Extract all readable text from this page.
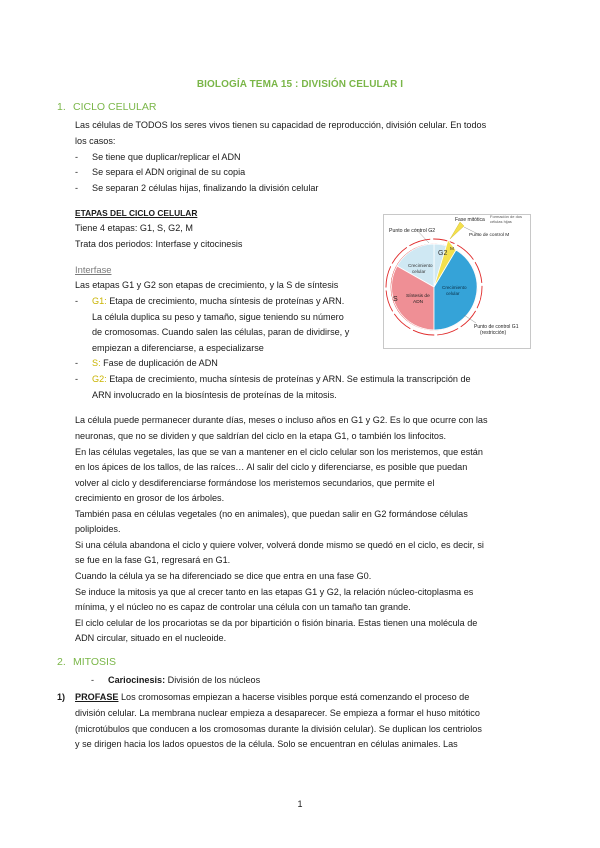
BIOLOGÍA TEMA 15 : DIVISIÓN CELULAR I
1. CICLO CELULAR
Las células de TODOS los seres vivos tienen su capacidad de reproducción, división celular. En todos
los casos:
- Se tiene que duplicar/replicar el ADN
- Se separa el ADN original de su copia
- Se separan 2 células hijas, finalizando la división celular
ETAPAS DEL CICLO CELULAR
Tiene 4 etapas: G1, S, G2, M
Trata dos periodos: Interfase y citocinesis
Interfase
Las etapas G1 y G2 son etapas de crecimiento, y la S de síntesis
- G1: Etapa de crecimiento, mucha síntesis de proteínas y ARN.
La célula duplica su peso y tamaño, sigue teniendo su número
de cromosomas. Cuando salen las células, paran de dividirse, y
empiezan a diferenciarse, a especializarse
- S: Fase de duplicación de ADN
- G2: Etapa de crecimiento, mucha síntesis de proteínas y ARN. Se estimula la transcripción de
ARN involucrado en la biosíntesis de proteínas de la mitosis.
La célula puede permanecer durante días, meses o incluso años en G1 y G2. Es lo que ocurre con las
neuronas, que no se dividen y que saldrían del ciclo en la etapa G1, o también los linfocitos.
En las células vegetales, las que se van a mantener en el ciclo celular son los meristemos, que están
en los ápices de los tallos, de las raíces… Al salir del ciclo y diferenciarse, es posible que puedan
volver al ciclo y desdiferenciarse formándose los meristemos secundarios, que permite el
crecimiento en grosor de los árboles.
También pasa en células vegetales (no en animales), que puedan salir en G2 formándose células
poliploides.
Si una célula abandona el ciclo y quiere volver, volverá donde mismo se quedó en el ciclo, es decir, si
se fue en la fase G1, regresará en G1.
Cuando la célula ya se ha diferenciado se dice que entra en una fase G0.
Se induce la mitosis ya que al crecer tanto en las etapas G1 y G2, la relación núcleo-citoplasma es
mínima, y el núcleo no es capaz de controlar una célula con un tamaño tan grande.
El ciclo celular de los procariotas se da por bipartición o fisión binaria. Estas tienen una molécula de
ADN circular, situado en el nucleoide.
2. MITOSIS
- Cariocinesis: División de los núcleos
1) PROFASE Los cromosomas empiezan a hacerse visibles porque está comenzando el proceso de
división celular. La membrana nuclear empieza a desaparecer. Se empieza a formar el huso mitótico
(microtúbulos que conducen a los cromosomas durante la división celular). Se duplican los centriolos
y se dirigen hacia los lados opuestos de la célula. Solo se encuentran en células animales. Las
Punto de control G2
Fase mitótica
Formación de dos células hijas
Punto de control M
G2
S	G1
M
Crecimiento
celular
Síntesis de
ADN
Crecimiento
celular
Punto de control G1
(restricción)
1
